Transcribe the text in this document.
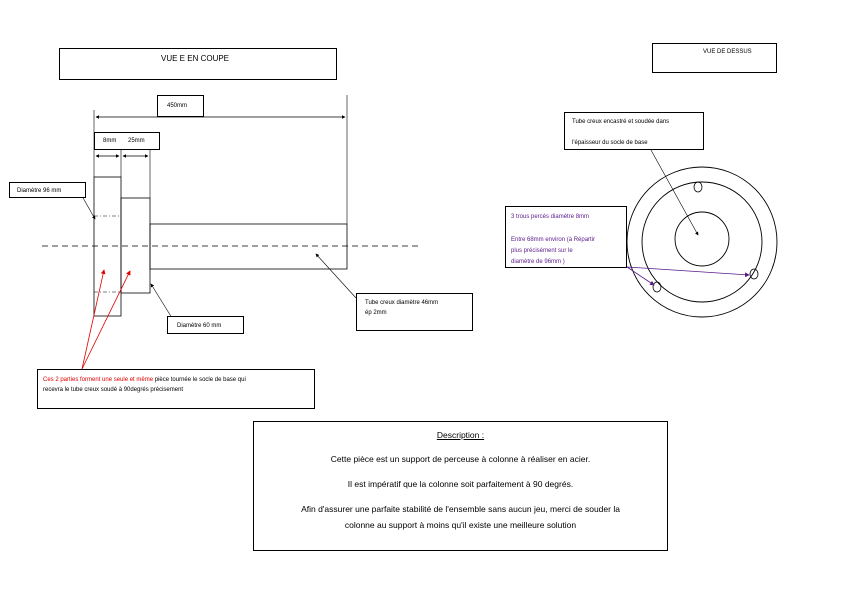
VUE E EN COUPE
VUE DE DESSUS
450mm
8mm 25mm
Diamètre 96 mm
Diamètre 60 mm
Tube creux diamètre 46mm
ép 2mm
Ces 2 parties forment une seule et même pièce tournée le socle de base qui
recevra le tube creux soudé à 90degrés précisement
Tube creux encastré et soudée dans
l'épaisseur du socle de base
3 trous percés diamètre 8mm
Entre 68mm environ (à Répartir
plus précisément sur le
diamètre de 96mm )

Description :

Cette pièce est un support de perceuse à colonne à réaliser en acier.

Il est impératif que la colonne soit parfaitement à 90 degrés.

Afin d'assurer une parfaite stabilité de l'ensemble sans aucun jeu, merci de souder la

colonne au support à moins qu'il existe une meilleure solution
